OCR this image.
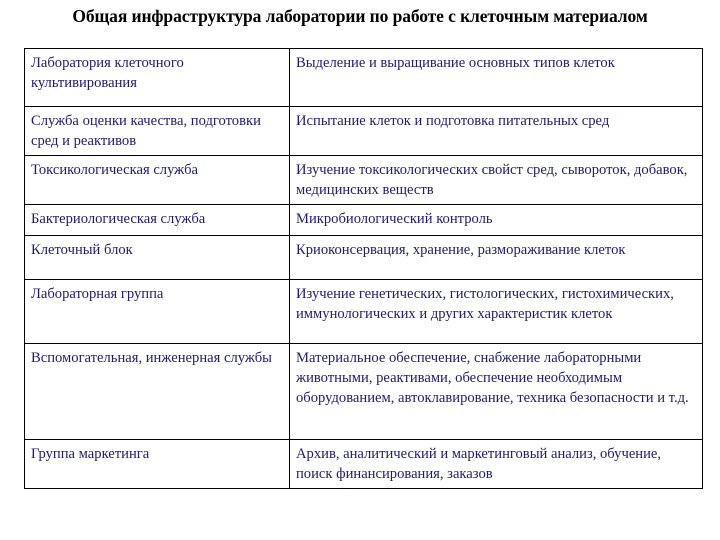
Общая инфраструктура лаборатории по работе с клеточным материалом
Лаборатория клеточного культивирования	Выделение и выращивание основных типов клеток

Служба оценки качества, подготовки сред и реактивов	Испытание клеток и подготовка питательных сред

Токсикологическая служба	Изучение токсикологических свойст сред, сывороток, добавок, медицинских веществ

Бактериологическая служба	Микробиологический контроль

Клеточный блок	Криоконсервация, хранение, размораживание клеток

Лабораторная группа	Изучение генетических, гистологических, гистохимических, иммунологических и других характеристик клеток

Вспомогательная, инженерная службы	Материальное обеспечение, снабжение лабораторными животными, реактивами, обеспечение необходимым оборудованием, автоклавирование, техника безопасности и т.д.

Группа маркетинга	Архив, аналитический и маркетинговый анализ, обучение, поиск финансирования, заказов
